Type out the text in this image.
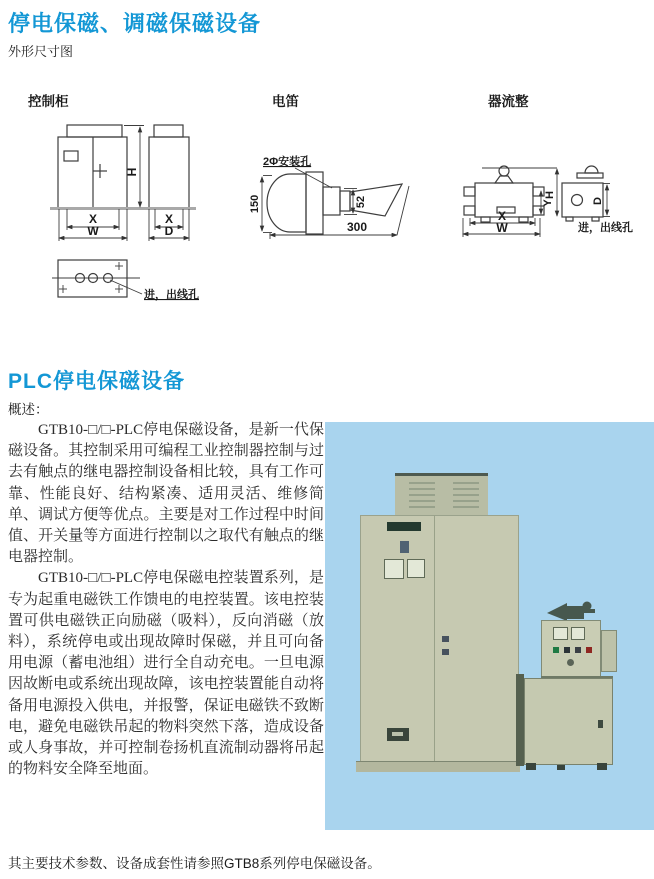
停电保磁、调磁保磁设备
外形尺寸图
控制柜
H
X
W
X
D
进，出线孔
电笛
2Φ安装孔
150	52
300
器流整
Y
H
D
X
W	进，出线孔
PLC停电保磁设备
概述：

GTB10-□/□-PLC停电保磁设备，是新一代保磁设备。其控制采用可编程工业控制器控制与过去有触点的继电器控制设备相比较，具有工作可靠、性能良好、结构紧凑、适用灵活、维修简单、调试方便等优点。主要是对工作过程中时间值、开关量等方面进行控制以之取代有触点的继电器控制。

GTB10-□/□-PLC停电保磁电控装置系列，是专为起重电磁铁工作馈电的电控装置。该电控装置可供电磁铁正向励磁（吸料），反向消磁（放料），系统停电或出现故障时保磁，并且可向备用电源（蓄电池组）进行全自动充电。一旦电源因故断电或系统出现故障，该电控装置能自动将备用电源投入供电，并报警，保证电磁铁不致断电，避免电磁铁吊起的物料突然下落，造成设备或人身事故，并可控制卷扬机直流制动器将吊起的物料安全降至地面。

其主要技术参数、设备成套性请参照GTB8系列停电保磁设备。
